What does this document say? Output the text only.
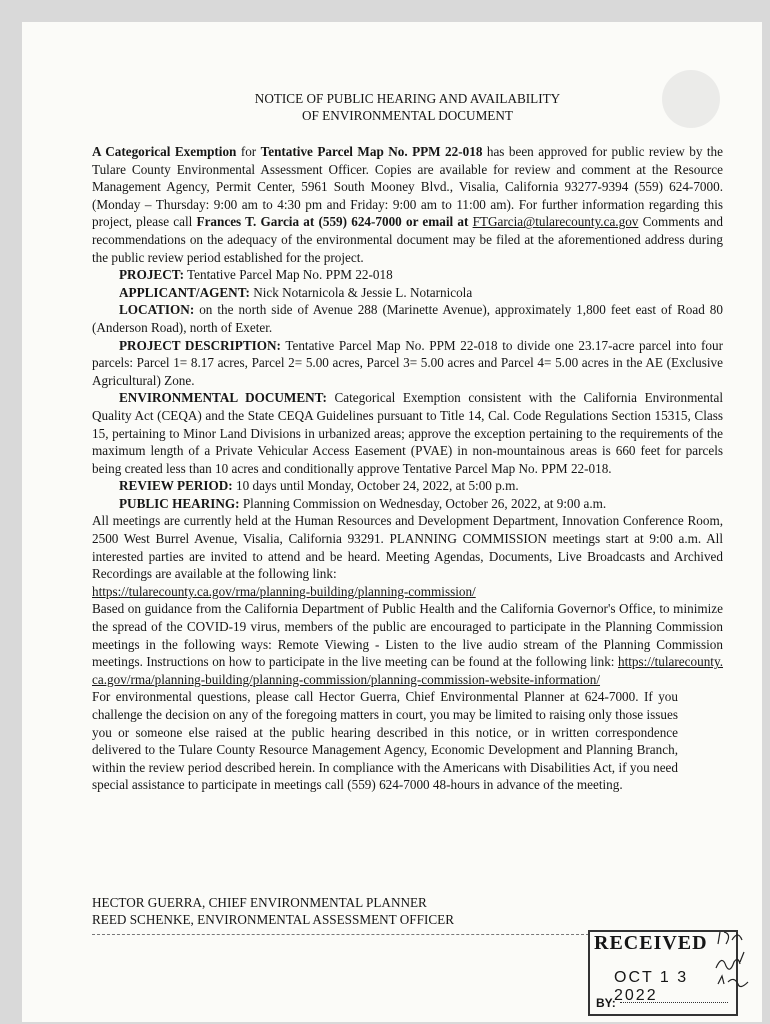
NOTICE OF PUBLIC HEARING AND AVAILABILITY
OF ENVIRONMENTAL DOCUMENT

A Categorical Exemption for Tentative Parcel Map No. PPM 22-018 has been approved for public review by the Tulare County Environmental Assessment Officer. Copies are available for review and comment at the Resource Management Agency, Permit Center, 5961 South Mooney Blvd., Visalia, California 93277-9394 (559) 624-7000. (Monday – Thursday: 9:00 am to 4:30 pm and Friday: 9:00 am to 11:00 am). For further information regarding this project, please call Frances T. Garcia at (559) 624-7000 or email at FTGarcia@tularecounty.ca.gov Comments and recommendations on the adequacy of the environmental document may be filed at the aforementioned address during the public review period established for the project.

PROJECT: Tentative Parcel Map No. PPM 22-018

APPLICANT/AGENT: Nick Notarnicola & Jessie L. Notarnicola

LOCATION: on the north side of Avenue 288 (Marinette Avenue), approximately 1,800 feet east of Road 80 (Anderson Road), north of Exeter.

PROJECT DESCRIPTION: Tentative Parcel Map No. PPM 22-018 to divide one 23.17-acre parcel into four parcels: Parcel 1= 8.17 acres, Parcel 2= 5.00 acres, Parcel 3= 5.00 acres and Parcel 4= 5.00 acres in the AE (Exclusive Agricultural) Zone.

ENVIRONMENTAL DOCUMENT: Categorical Exemption consistent with the California Environmental Quality Act (CEQA) and the State CEQA Guidelines pursuant to Title 14, Cal. Code Regulations Section 15315, Class 15, pertaining to Minor Land Divisions in urbanized areas; approve the exception pertaining to the requirements of the maximum length of a Private Vehicular Access Easement (PVAE) in non-mountainous areas is 660 feet for parcels being created less than 10 acres and conditionally approve Tentative Parcel Map No. PPM 22-018.

REVIEW PERIOD: 10 days until Monday, October 24, 2022, at 5:00 p.m.

PUBLIC HEARING: Planning Commission on Wednesday, October 26, 2022, at 9:00 a.m.

All meetings are currently held at the Human Resources and Development Department, Innovation Conference Room, 2500 West Burrel Avenue, Visalia, California 93291. PLANNING COMMISSION meetings start at 9:00 a.m. All interested parties are invited to attend and be heard. Meeting Agendas, Documents, Live Broadcasts and Archived Recordings are available at the following link:
https://tularecounty.ca.gov/rma/planning-building/planning-commission/

Based on guidance from the California Department of Public Health and the California Governor's Office, to minimize the spread of the COVID-19 virus, members of the public are encouraged to participate in the Planning Commission meetings in the following ways: Remote Viewing - Listen to the live audio stream of the Planning Commission meetings. Instructions on how to participate in the live meeting can be found at the following link: https://tularecounty.ca.gov/rma/planning-building/planning-commission/planning-commission-website-information/

For environmental questions, please call Hector Guerra, Chief Environmental Planner at 624-7000. If you challenge the decision on any of the foregoing matters in court, you may be limited to raising only those issues you or someone else raised at the public hearing described in this notice, or in written correspondence delivered to the Tulare County Resource Management Agency, Economic Development and Planning Branch, within the review period described herein. In compliance with the Americans with Disabilities Act, if you need special assistance to participate in meetings call (559) 624-7000 48-hours in advance of the meeting.

HECTOR GUERRA, CHIEF ENVIRONMENTAL PLANNER
REED SCHENKE, ENVIRONMENTAL ASSESSMENT OFFICER
RECEIVED
OCT 1 3 2022
BY:
